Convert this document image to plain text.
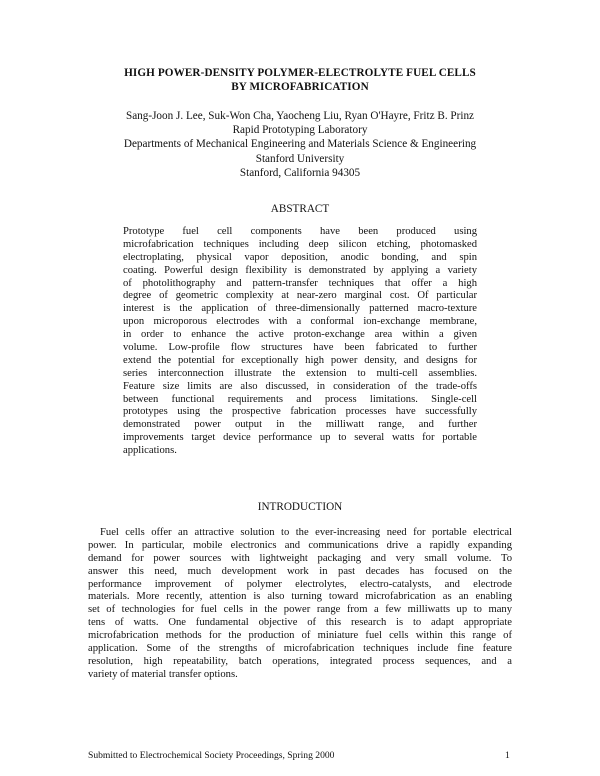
HIGH POWER-DENSITY POLYMER-ELECTROLYTE FUEL CELLS
BY MICROFABRICATION
Sang-Joon J. Lee, Suk-Won Cha, Yaocheng Liu, Ryan O'Hayre, Fritz B. Prinz
Rapid Prototyping Laboratory
Departments of Mechanical Engineering and Materials Science & Engineering
Stanford University
Stanford, California 94305
ABSTRACT
Prototype fuel cell components have been produced using
microfabrication techniques including deep silicon etching, photomasked
electroplating, physical vapor deposition, anodic bonding, and spin
coating. Powerful design flexibility is demonstrated by applying a variety
of photolithography and pattern-transfer techniques that offer a high
degree of geometric complexity at near-zero marginal cost. Of particular
interest is the application of three-dimensionally patterned macro-texture
upon microporous electrodes with a conformal ion-exchange membrane,
in order to enhance the active proton-exchange area within a given
volume. Low-profile flow structures have been fabricated to further
extend the potential for exceptionally high power density, and designs for
series interconnection illustrate the extension to multi-cell assemblies.
Feature size limits are also discussed, in consideration of the trade-offs
between functional requirements and process limitations. Single-cell
prototypes using the prospective fabrication processes have successfully
demonstrated power output in the milliwatt range, and further
improvements target device performance up to several watts for portable
applications.
INTRODUCTION
Fuel cells offer an attractive solution to the ever-increasing need for portable electrical
power. In particular, mobile electronics and communications drive a rapidly expanding
demand for power sources with lightweight packaging and very small volume. To
answer this need, much development work in past decades has focused on the
performance improvement of polymer electrolytes, electro-catalysts, and electrode
materials. More recently, attention is also turning toward microfabrication as an enabling
set of technologies for fuel cells in the power range from a few milliwatts up to many
tens of watts. One fundamental objective of this research is to adapt appropriate
microfabrication methods for the production of miniature fuel cells within this range of
application. Some of the strengths of microfabrication techniques include fine feature
resolution, high repeatability, batch operations, integrated process sequences, and a
variety of material transfer options.
Submitted to Electrochemical Society Proceedings, Spring 2000	1
